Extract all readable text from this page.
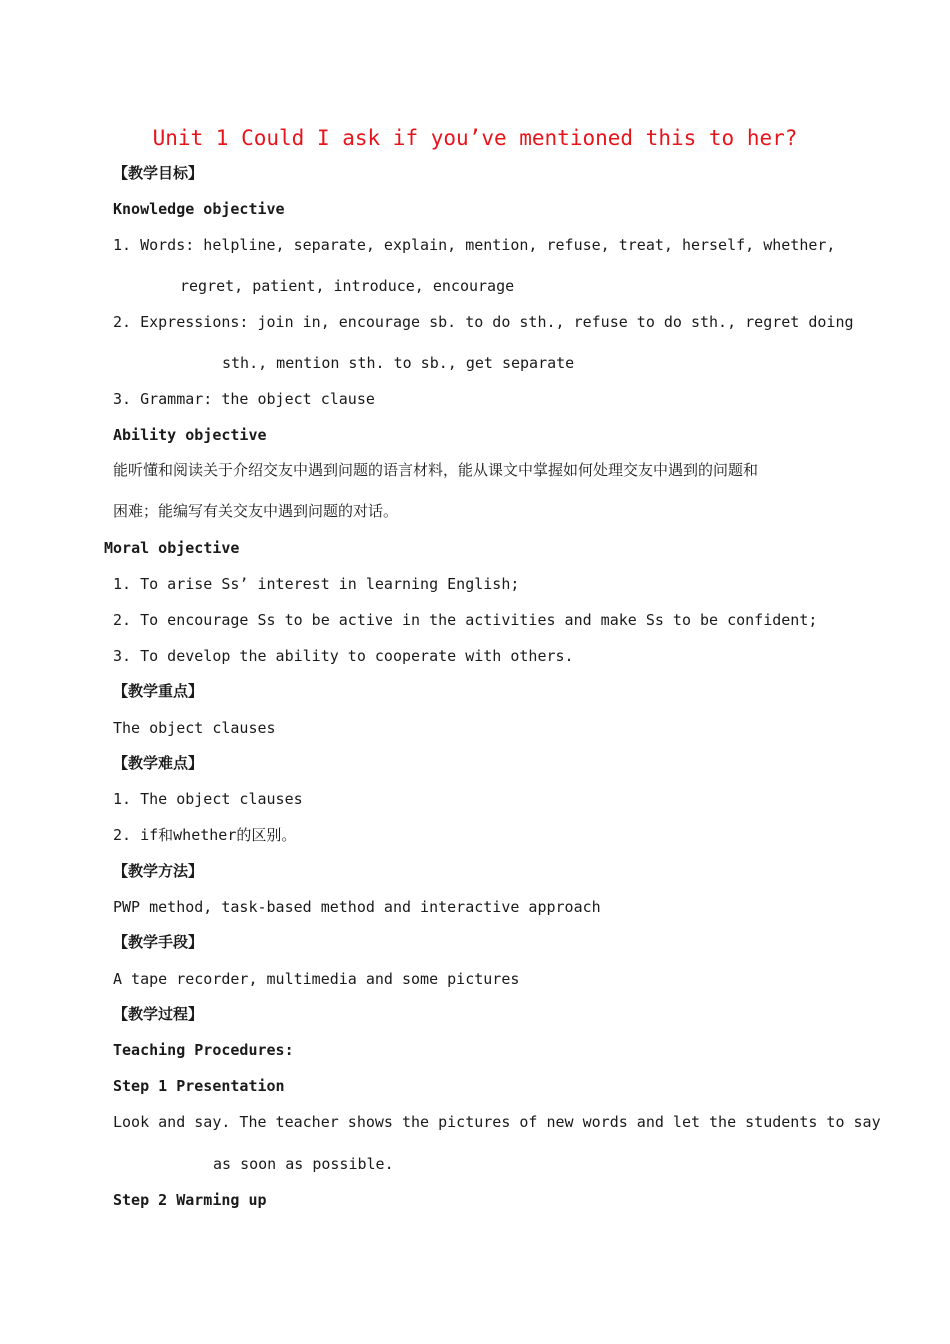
Unit 1 Could I ask if you’ve mentioned this to her?
【教学目标】
Knowledge objective
1. Words: helpline, separate, explain, mention, refuse, treat, herself, whether,
regret, patient, introduce, encourage
2. Expressions: join in, encourage sb. to do sth., refuse to do sth., regret doing
sth., mention sth. to sb., get separate
3. Grammar: the object clause
Ability objective
能听懂和阅读关于介绍交友中遇到问题的语言材料，能从课文中掌握如何处理交友中遇到的问题和
困难；能编写有关交友中遇到问题的对话。
Moral objective
1. To arise Ss’ interest in learning English;
2. To encourage Ss to be active in the activities and make Ss to be confident;
3. To develop the ability to cooperate with others.
【教学重点】
The object clauses
【教学难点】
1. The object clauses
2. if和whether的区别。
【教学方法】
PWP method, task-based method and interactive approach
【教学手段】
A tape recorder, multimedia and some pictures
【教学过程】
Teaching Procedures:
Step 1 Presentation
Look and say. The teacher shows the pictures of new words and let the students to say
as soon as possible.
Step 2 Warming up
